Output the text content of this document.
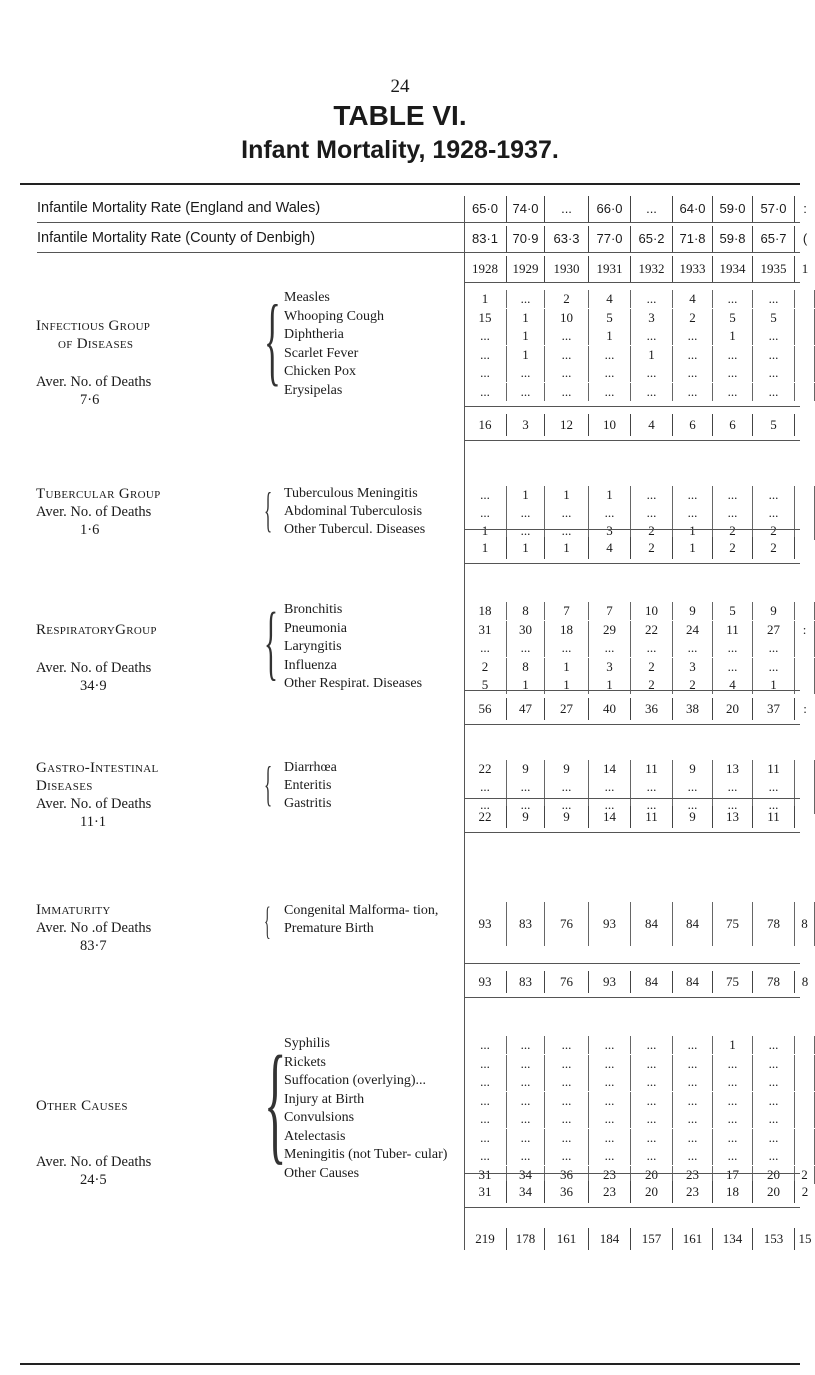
24
TABLE VI.
Infant Mortality, 1928-1937.
Infantile Mortality Rate (England and Wales)	65·0	74·0	...	66·0	...	64·0	59·0	57·0	:
Infantile Mortality Rate (County of Denbigh)	83·1	70·9	63·3	77·0	65·2	71·8	59·8	65·7	(
1928	1929	1930	1931	1932	1933	1934	1935	1
Infectious Group
of Diseases
Aver. No. of Deaths
7·6
{ Measles	1	...	2	4	...	4	...	...
Whooping Cough	15	1	10	5	3	2	5	5
Diphtheria	...	1	...	1	...	...	1	...
Scarlet Fever	...	1	...	...	1	...	...	...
Chicken Pox	...	...	...	...	...	...	...	...
Erysipelas	...	...	...	...	...	...	...	...
16	3	12	10	4	6	6	5
Tubercular Group
Aver. No. of Deaths
1·6	{ Tuberculous Meningitis	...	1	1	1	...	...	...	...
Abdominal Tuberculosis	...	...	...	...	...	...	...	...
Other Tubercul. Diseases	1	...	...	3	2	1	2	2
1	1	1	4	2	1	2	2
RespiratoryGroup
Aver. No. of Deaths
34·9 { Bronchitis	18	8	7	7	10	9	5	9
Pneumonia	31	30	18	29	22	24	11	27	:
Laryngitis	...	...	...	...	...	...	...	...
Influenza	2	8	1	3	2	3	...	...
Other Respirat. Diseases	5	1	1	1	2	2	4	1
56	47	27	40	36	38	20	37	:
Gastro-Intestinal
Diseases
Aver. No. of Deaths
11·1
{ Diarrhœa	22	9	9	14	11	9	13	11
Enteritis	...	...	...	...	...	...	...	...
Gastritis	...	...	...	...	...	...	...	...
22	9	9	14	11	9	13	11
Immaturity
Aver. No .of Deaths
83·7
{ Congenital Malforma- tion, Premature Birth	93	83	76	93	84	84	75	78	8
93	83	76	93	84	84	75	78	8
Other Causes
Aver. No. of Deaths
24·5
{
Syphilis	...	...	...	...	...	...	1	...
Rickets	...	...	...	...	...	...	...	...
Suffocation (overlying)...	...	...	...	...	...	...	...	...
Injury at Birth	...	...	...	...	...	...	...	...
Convulsions	...	...	...	...	...	...	...	...
Atelectasis	...	...	...	...	...	...	...	...
Meningitis (not Tuber- cular)	...	...	...	...	...	...	...	...
Other Causes	31	34	36	23	20	23	17	20	2
31	34	36	23	20	23	18	20	2
219	178	161	184	157	161	134	153	15
